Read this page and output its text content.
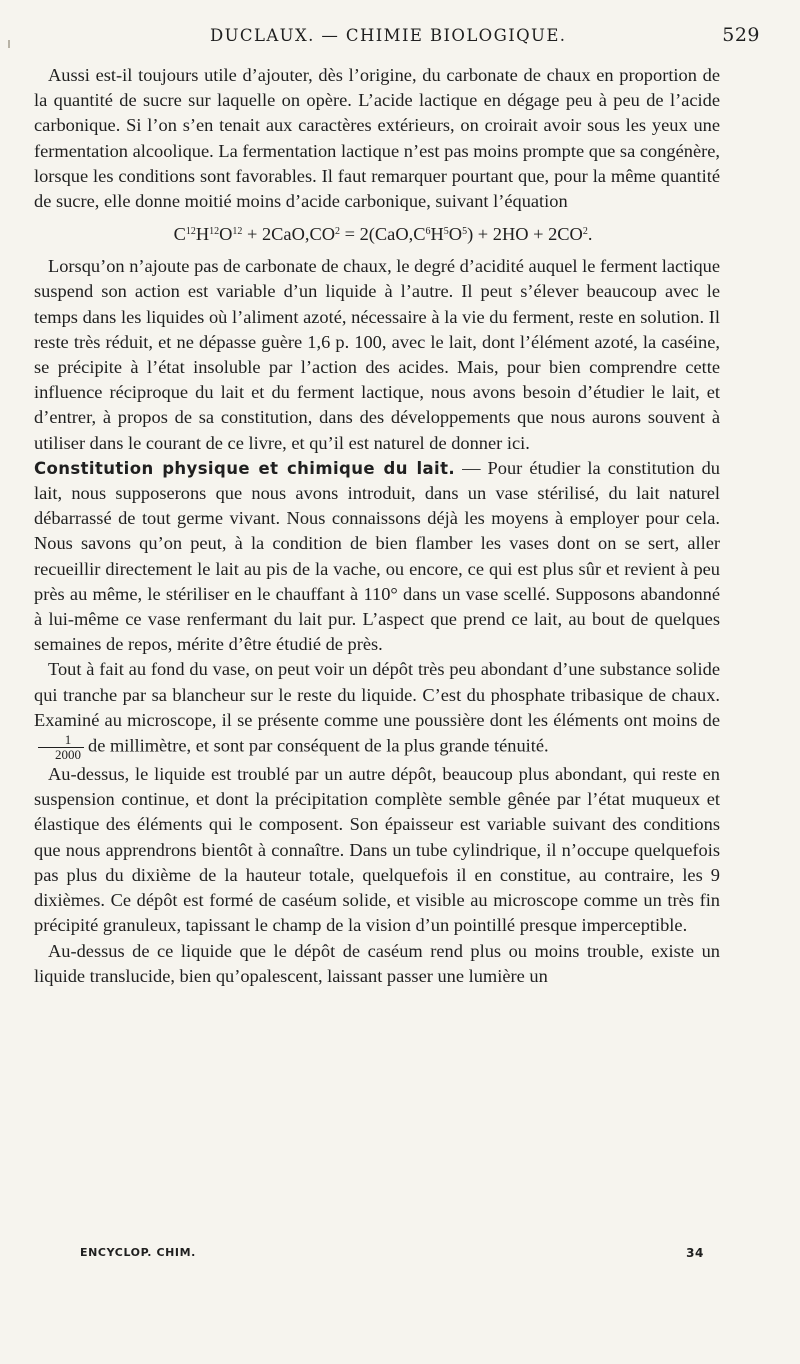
DUCLAUX. — CHIMIE BIOLOGIQUE.	529

Aussi est-il toujours utile d’ajouter, dès l’origine, du carbonate de chaux en proportion de la quantité de sucre sur laquelle on opère. L’acide lactique en dégage peu à peu de l’acide carbonique. Si l’on s’en tenait aux caractères extérieurs, on croirait avoir sous les yeux une fermentation alcoolique. La fermentation lactique n’est pas moins prompte que sa congénère, lorsque les conditions sont favorables. Il faut remarquer pourtant que, pour la même quantité de sucre, elle donne moitié moins d’acide carbonique, suivant l’équation

$C^{12}H^{12}O^{12} + 2CaO,CO^2 = 2(CaO,C^6H^5O^5) + 2HO + 2CO^2$.

Lorsqu’on n’ajoute pas de carbonate de chaux, le degré d’acidité auquel le ferment lactique suspend son action est variable d’un liquide à l’autre. Il peut s’élever beaucoup avec le temps dans les liquides où l’aliment azoté, nécessaire à la vie du ferment, reste en solution. Il reste très réduit, et ne dépasse guère 1,6 p. 100, avec le lait, dont l’élément azoté, la caséine, se précipite à l’état insoluble par l’action des acides. Mais, pour bien comprendre cette influence réciproque du lait et du ferment lactique, nous avons besoin d’étudier le lait, et d’entrer, à propos de sa constitution, dans des développements que nous aurons souvent à utiliser dans le courant de ce livre, et qu’il est naturel de donner ici.

Constitution physique et chimique du lait. — Pour étudier la constitution du lait, nous supposerons que nous avons introduit, dans un vase stérilisé, du lait naturel débarrassé de tout germe vivant. Nous connaissons déjà les moyens à employer pour cela. Nous savons qu’on peut, à la condition de bien flamber les vases dont on se sert, aller recueillir directement le lait au pis de la vache, ou encore, ce qui est plus sûr et revient à peu près au même, le stériliser en le chauffant à 110° dans un vase scellé. Supposons abandonné à lui-même ce vase renfermant du lait pur. L’aspect que prend ce lait, au bout de quelques semaines de repos, mérite d’être étudié de près.

Tout à fait au fond du vase, on peut voir un dépôt très peu abondant d’une substance solide qui tranche par sa blancheur sur le reste du liquide. C’est du phosphate tribasique de chaux. Examiné au microscope, il se présente comme une poussière dont les éléments ont moins de
$\frac{1}{2000}$ de millimètre, et sont par conséquent de la plus grande ténuité.

Au-dessus, le liquide est troublé par un autre dépôt, beaucoup plus abondant, qui reste en suspension continue, et dont la précipitation complète semble gênée par l’état muqueux et élastique des éléments qui le composent. Son épaisseur est variable suivant des conditions que nous apprendrons bientôt à connaître. Dans un tube cylindrique, il n’occupe quelquefois pas plus du dixième de la hauteur totale, quelquefois il en constitue, au contraire, les 9 dixièmes. Ce dépôt est formé de caséum solide, et visible au microscope comme un très fin précipité granuleux, tapissant le champ de la vision d’un pointillé presque imperceptible.

Au-dessus de ce liquide que le dépôt de caséum rend plus ou moins trouble, existe un liquide translucide, bien qu’opalescent, laissant passer une lumière un

ENCYCLOP. CHIM.	34
